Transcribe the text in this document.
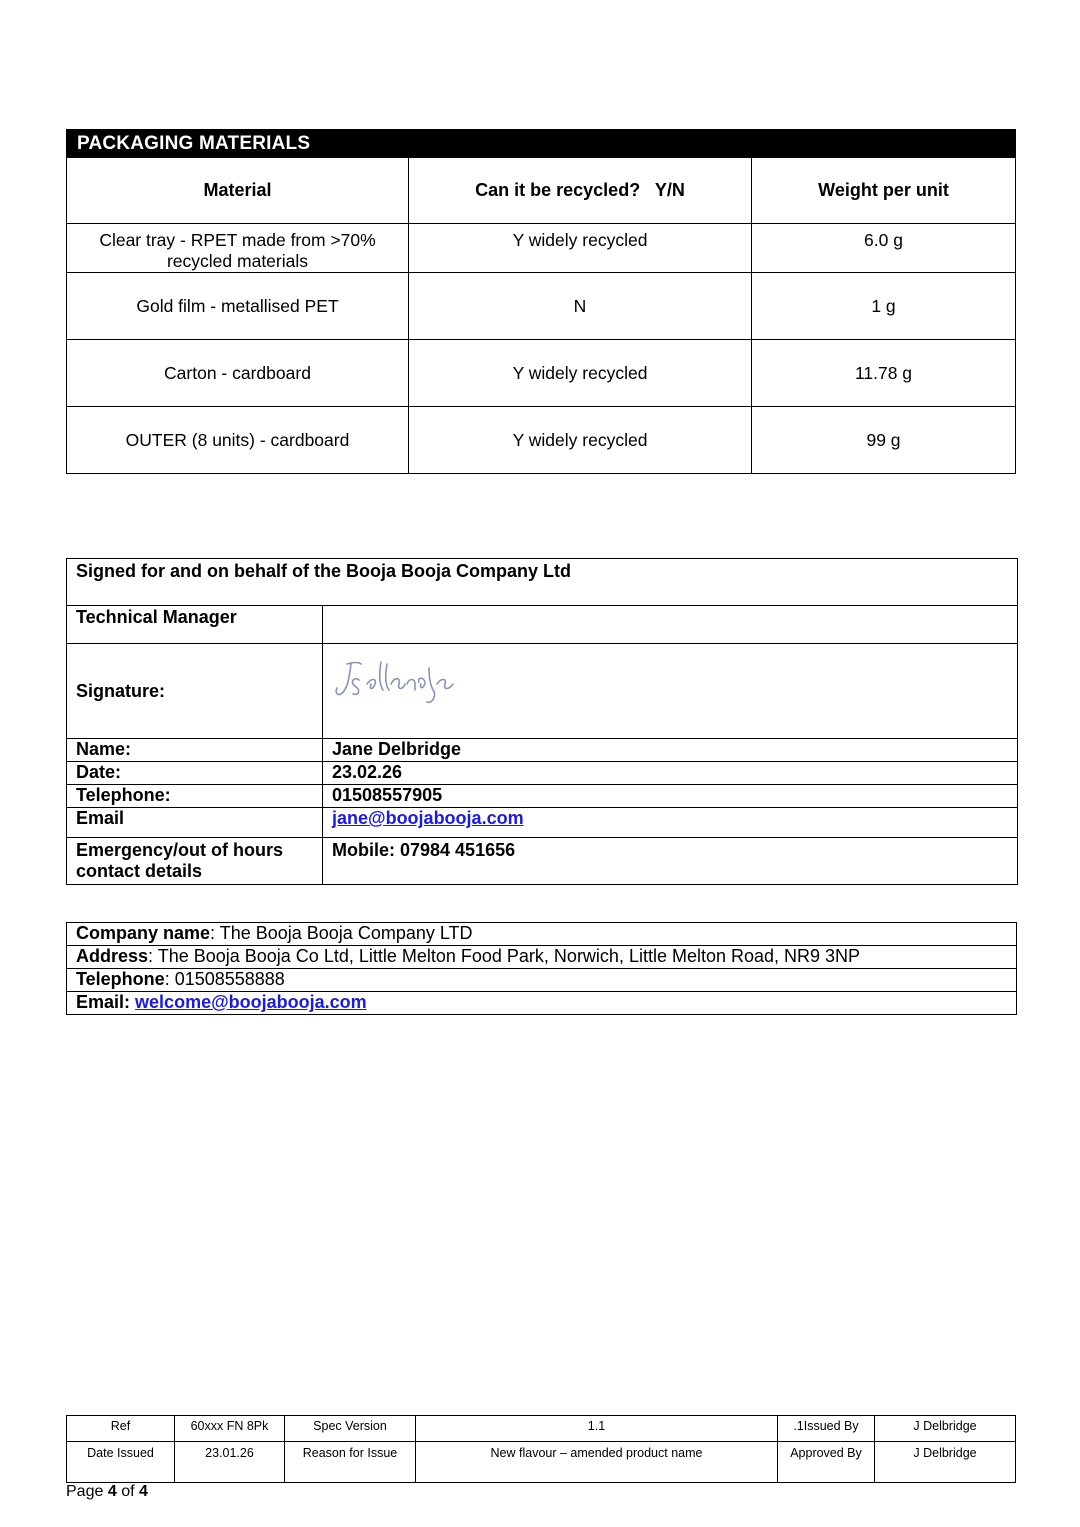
PACKAGING MATERIALS		
Material	Can it be recycled?   Y/N	Weight per unit
Clear tray - RPET made from >70% recycled materials	Y widely recycled	6.0 g
Gold film - metallised PET	N	1 g
Carton - cardboard	Y widely recycled	11.78 g
OUTER (8 units) - cardboard	Y widely recycled	99 g
Signed for and on behalf of the Booja Booja Company Ltd	
Technical Manager	
Signature:	

Name:	Jane Delbridge
Date:	23.02.26
Telephone:	01508557905
Email	jane@boojabooja.com
Emergency/out of hours contact details	Mobile: 07984 451656
Company name: The Booja Booja Company LTD
Address: The Booja Booja Co Ltd, Little Melton Food Park, Norwich, Little Melton Road, NR9 3NP
Telephone: 01508558888
Email: welcome@boojabooja.com
Ref	60xxx FN 8Pk	Spec Version	1.1	.1Issued By	J Delbridge
Date Issued	23.01.26	Reason for Issue	New flavour – amended product name	Approved By	J Delbridge
Page 4 of 4
